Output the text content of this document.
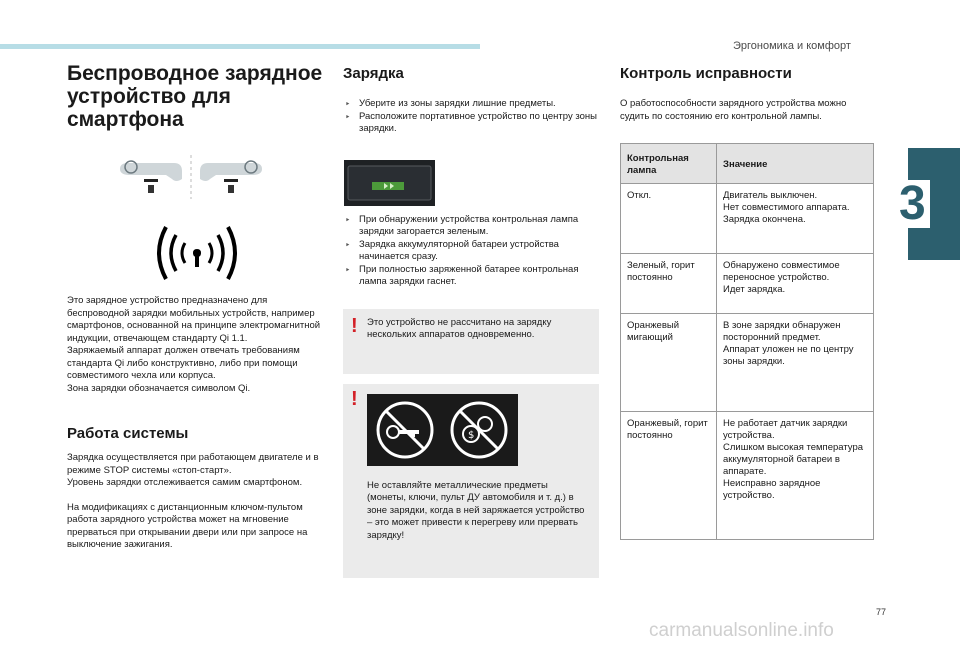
Эргономика и комфорт
3
Беспроводное зарядное
устройство для смартфона

Это зарядное устройство предназначено для беспроводной зарядки мобильных устройств, например смартфонов, основанной на принципе электромагнитной индукции, отвечающем стандарту Qi 1.1.

Заряжаемый аппарат должен отвечать требованиям стандарта Qi либо конструктивно, либо при помощи совместимого чехла или корпуса.

Зона зарядки обозначается символом Qi.

Работа системы

Зарядка осуществляется при работающем двигателе и в режиме STOP системы «стоп-старт».

Уровень зарядки отслеживается самим смартфоном.

На модификациях с дистанционным ключом-пультом работа зарядного устройства может на мгновение прерваться при открывании двери или при запросе на выключение зажигания.

Зарядка
‣ Уберите из зоны зарядки лишние предметы.
‣ Расположите портативное устройство по центру зоны зарядки.
‣ При обнаружении устройства контрольная лампа зарядки загорается зеленым.
‣ Зарядка аккумуляторной батареи устройства начинается сразу.
‣ При полностью заряженной батарее контрольная лампа зарядки гаснет.
! Это устройство не рассчитано на зарядку нескольких аппаратов одновременно.

!
$

Не оставляйте металлические предметы (монеты, ключи, пульт ДУ автомобиля и т. д.) в зоне зарядки, когда в ней заряжается устройство – это может привести к перегреву или прервать зарядку!

Контроль исправности

О работоспособности зарядного устройства можно судить по состоянию его контрольной лампы.

Контрольная
лампа	Значение
Откл.	Двигатель выключен.
Нет совместимого аппарата.
Зарядка окончена.
Зеленый, горит
постоянно	Обнаружено совместимое переносное устройство.
Идет зарядка.
Оранжевый
мигающий	В зоне зарядки обнаружен посторонний предмет.
Аппарат уложен не по центру зоны зарядки.
Оранжевый, горит
постоянно	Не работает датчик зарядки устройства.
Слишком высокая температура аккумуляторной батареи в аппарате.
Неисправно зарядное устройство.
77
carmanualsonline.info
